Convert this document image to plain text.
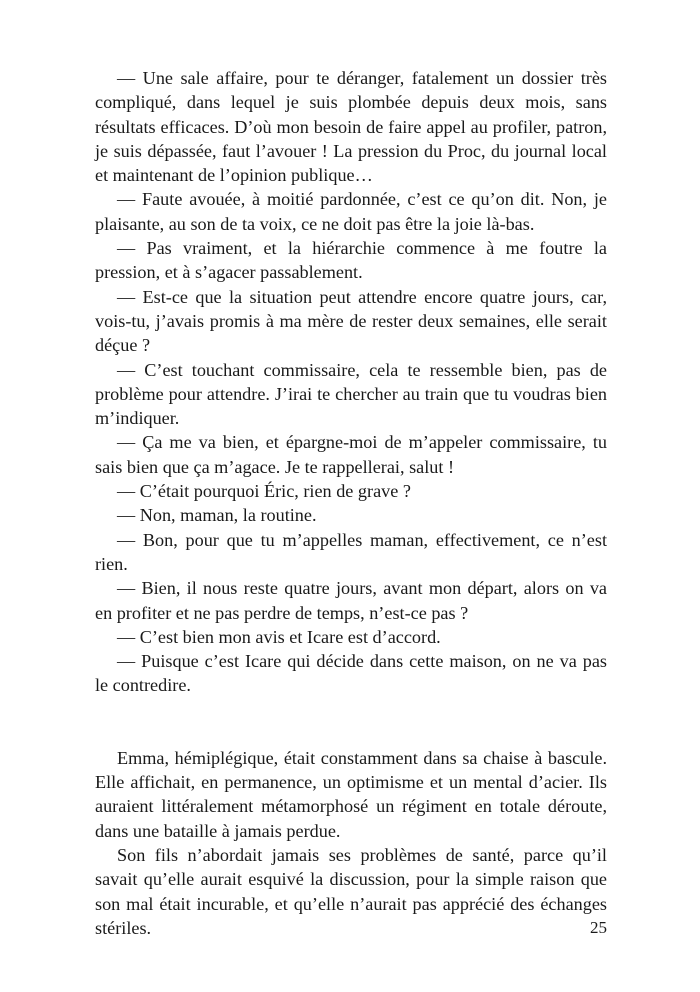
— Une sale affaire, pour te déranger, fatalement un dossier très compliqué, dans lequel je suis plombée depuis deux mois, sans résultats efficaces. D’où mon besoin de faire appel au profiler, patron, je suis dépassée, faut l’avouer ! La pression du Proc, du journal local et maintenant de l’opinion publique…

— Faute avouée, à moitié pardonnée, c’est ce qu’on dit. Non, je plaisante, au son de ta voix, ce ne doit pas être la joie là-bas.

— Pas vraiment, et la hiérarchie commence à me foutre la pression, et à s’agacer passablement.

— Est-ce que la situation peut attendre encore quatre jours, car, vois-tu, j’avais promis à ma mère de rester deux semaines, elle serait déçue ?

— C’est touchant commissaire, cela te ressemble bien, pas de problème pour attendre. J’irai te chercher au train que tu voudras bien m’indiquer.

— Ça me va bien, et épargne-moi de m’appeler commissaire, tu sais bien que ça m’agace. Je te rappellerai, salut !

— C’était pourquoi Éric, rien de grave ?

— Non, maman, la routine.

— Bon, pour que tu m’appelles maman, effectivement, ce n’est rien.

— Bien, il nous reste quatre jours, avant mon départ, alors on va en profiter et ne pas perdre de temps, n’est-ce pas ?

— C’est bien mon avis et Icare est d’accord.

— Puisque c’est Icare qui décide dans cette maison, on ne va pas le contredire.

Emma, hémiplégique, était constamment dans sa chaise à bascule. Elle affichait, en permanence, un optimisme et un mental d’acier. Ils auraient littéralement métamorphosé un régiment en totale déroute, dans une bataille à jamais perdue.

Son fils n’abordait jamais ses problèmes de santé, parce qu’il savait qu’elle aurait esquivé la discussion, pour la simple raison que son mal était incurable, et qu’elle n’aurait pas apprécié des échanges stériles.	25
